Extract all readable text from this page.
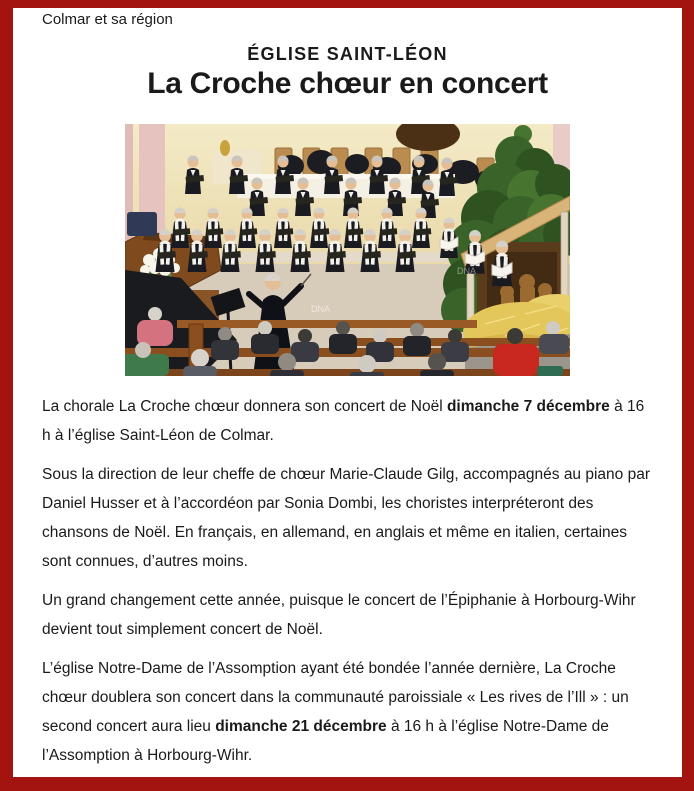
Colmar et sa région
ÉGLISE SAINT-LÉON
La Croche chœur en concert
DNA
DNA

La chorale La Croche chœur donnera son concert de Noël dimanche 7 décembre à 16 h à l’église Saint-Léon de Colmar.

Sous la direction de leur cheffe de chœur Marie-Claude Gilg, accompagnés au piano par Daniel Husser et à l’accordéon par Sonia Dombi, les choristes interpréteront des chansons de Noël. En français, en allemand, en anglais et même en italien, certaines sont connues, d’autres moins.

Un grand changement cette année, puisque le concert de l’Épiphanie à Horbourg-Wihr devient tout simplement concert de Noël.

L’église Notre-Dame de l’Assomption ayant été bondée l’année dernière, La Croche chœur doublera son concert dans la communauté paroissiale « Les rives de l’Ill » : un second concert aura lieu dimanche 21 décembre à 16 h à l’église Notre-Dame de l’Assomption à Horbourg-Wihr.
